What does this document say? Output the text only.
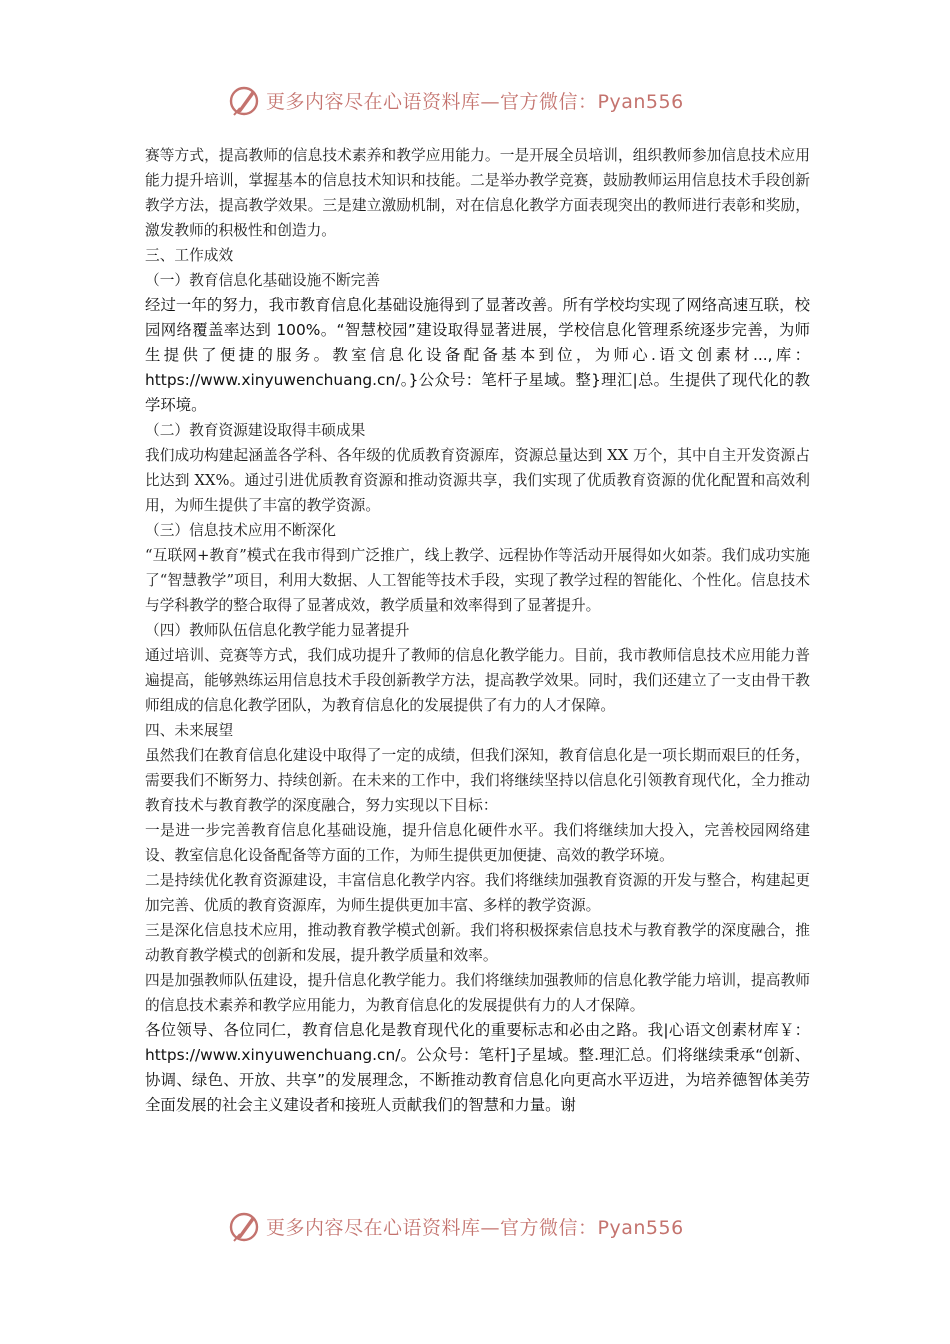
更多内容尽在心语资料库—官方微信：Pyan556

赛等方式，提高教师的信息技术素养和教学应用能力。一是开展全员培训，组织教师参加信息技术应用能力提升培训，掌握基本的信息技术知识和技能。二是举办教学竞赛，鼓励教师运用信息技术手段创新教学方法，提高教学效果。三是建立激励机制，对在信息化教学方面表现突出的教师进行表彰和奖励，激发教师的积极性和创造力。

三、工作成效

（一）教育信息化基础设施不断完善

经过一年的努力，我市教育信息化基础设施得到了显著改善。所有学校均实现了网络高速互联，校园网络覆盖率达到 100%。“智慧校园”建设取得显著进展，学校信息化管理系统逐步完善，为师生提供了便捷的服务。教室信息化设备配备基本到位，为师心.语文创素材...,库：https://www.xinyuwenchuang.cn/。}公众号：笔杆子星域。整}理汇|总。生提供了现代化的教学环境。

（二）教育资源建设取得丰硕成果

我们成功构建起涵盖各学科、各年级的优质教育资源库，资源总量达到 XX 万个，其中自主开发资源占比达到 XX%。通过引进优质教育资源和推动资源共享，我们实现了优质教育资源的优化配置和高效利用，为师生提供了丰富的教学资源。

（三）信息技术应用不断深化

“互联网+教育”模式在我市得到广泛推广，线上教学、远程协作等活动开展得如火如荼。我们成功实施了“智慧教学”项目，利用大数据、人工智能等技术手段，实现了教学过程的智能化、个性化。信息技术与学科教学的整合取得了显著成效，教学质量和效率得到了显著提升。

（四）教师队伍信息化教学能力显著提升

通过培训、竞赛等方式，我们成功提升了教师的信息化教学能力。目前，我市教师信息技术应用能力普遍提高，能够熟练运用信息技术手段创新教学方法，提高教学效果。同时，我们还建立了一支由骨干教师组成的信息化教学团队，为教育信息化的发展提供了有力的人才保障。

四、未来展望

虽然我们在教育信息化建设中取得了一定的成绩，但我们深知，教育信息化是一项长期而艰巨的任务，需要我们不断努力、持续创新。在未来的工作中，我们将继续坚持以信息化引领教育现代化，全力推动教育技术与教育教学的深度融合，努力实现以下目标：

一是进一步完善教育信息化基础设施，提升信息化硬件水平。我们将继续加大投入，完善校园网络建设、教室信息化设备配备等方面的工作，为师生提供更加便捷、高效的教学环境。

二是持续优化教育资源建设，丰富信息化教学内容。我们将继续加强教育资源的开发与整合，构建起更加完善、优质的教育资源库，为师生提供更加丰富、多样的教学资源。

三是深化信息技术应用，推动教育教学模式创新。我们将积极探索信息技术与教育教学的深度融合，推动教育教学模式的创新和发展，提升教学质量和效率。

四是加强教师队伍建设，提升信息化教学能力。我们将继续加强教师的信息化教学能力培训，提高教师的信息技术素养和教学应用能力，为教育信息化的发展提供有力的人才保障。

各位领导、各位同仁，教育信息化是教育现代化的重要标志和必由之路。我|心语文创素材库￥：https://www.xinyuwenchuang.cn/。公众号：笔杆]子星域。整.理汇总。们将继续秉承“创新、协调、绿色、开放、共享”的发展理念，不断推动教育信息化向更高水平迈进，为培养德智体美劳全面发展的社会主义建设者和接班人贡献我们的智慧和力量。谢

更多内容尽在心语资料库—官方微信：Pyan556
